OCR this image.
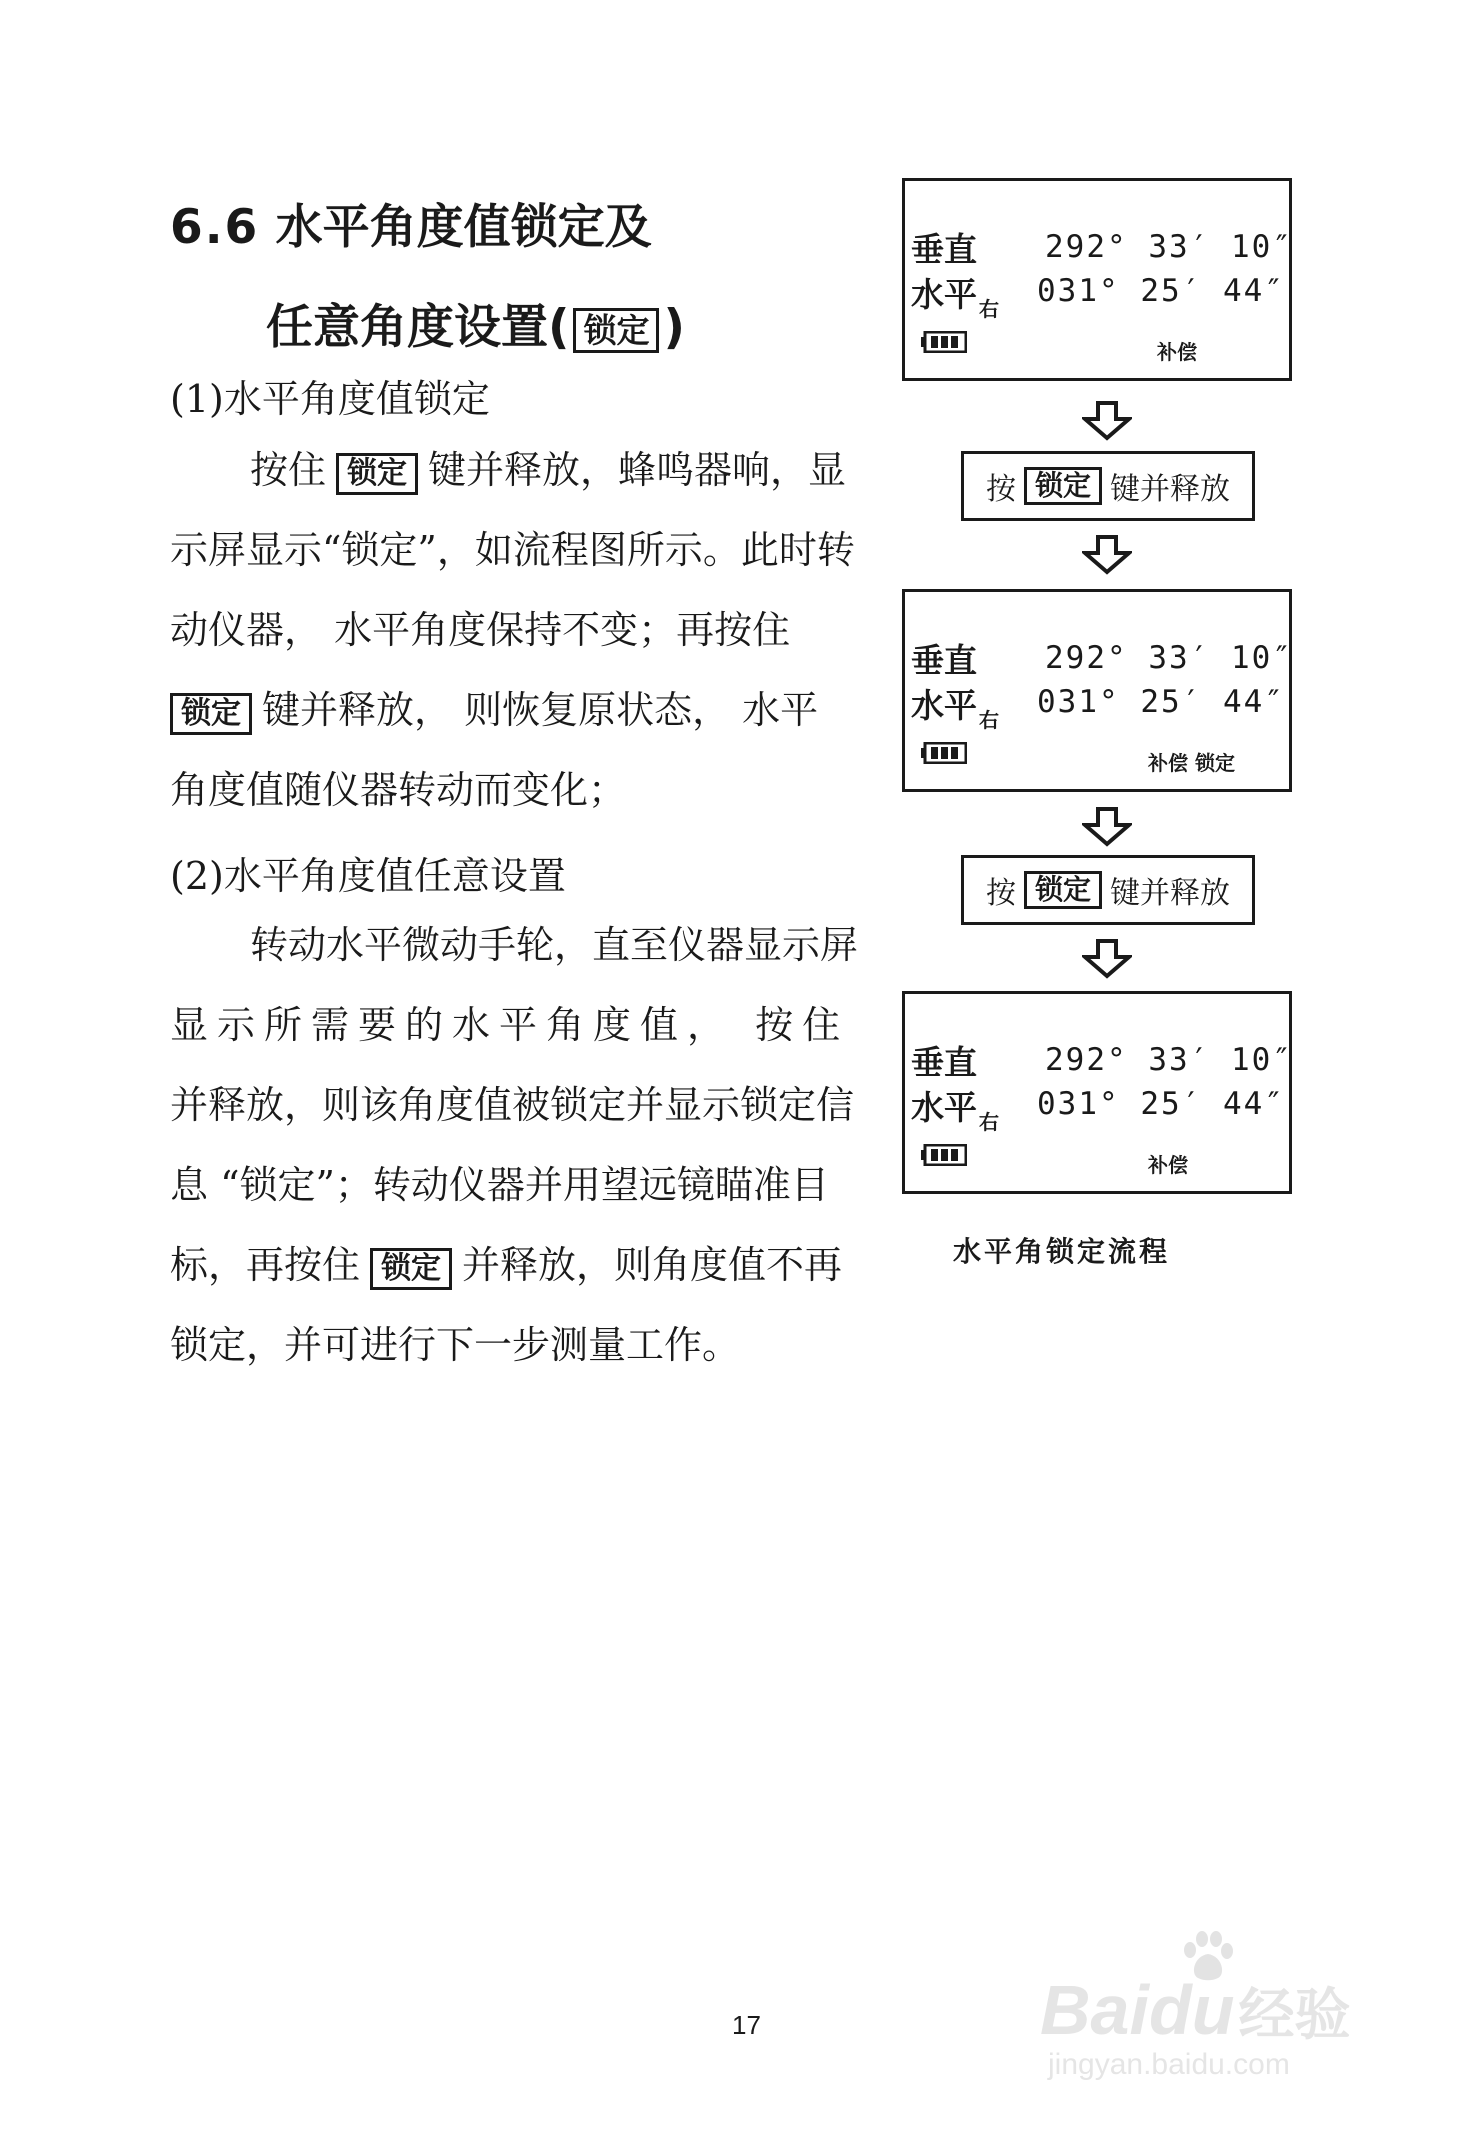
6.6 水平角度值锁定及
任意角度设置( 锁定 )
(1)水平角度值锁定
按住 锁定 键并释放，蜂鸣器响，显
示屏显示“锁定”，如流程图所示。此时转
动仪器， 水平角度保持不变；再按住
锁定 键并释放， 则恢复原状态， 水平
角度值随仪器转动而变化；
(2)水平角度值任意设置
转动水平微动手轮，直至仪器显示屏
显示所需要的水平角度值， 按住
并释放，则该角度值被锁定并显示锁定信
息 “锁定”；转动仪器并用望远镜瞄准目
标，再按住 锁定 并释放，则角度值不再
锁定，并可进行下一步测量工作。
垂直 292° 33′ 10″
水平 $_右$ 031° 25′ 44″
补偿
按 锁定 键并释放
垂直 292° 33′ 10″
水平 $_右$ 031° 25′ 44″
补偿 锁定
按 锁定 键并释放
垂直 292° 33′ 10″
水平 $_右$ 031° 25′ 44″
补偿
水平角锁定流程
17	Baidu经验
jingyan.baidu.com
